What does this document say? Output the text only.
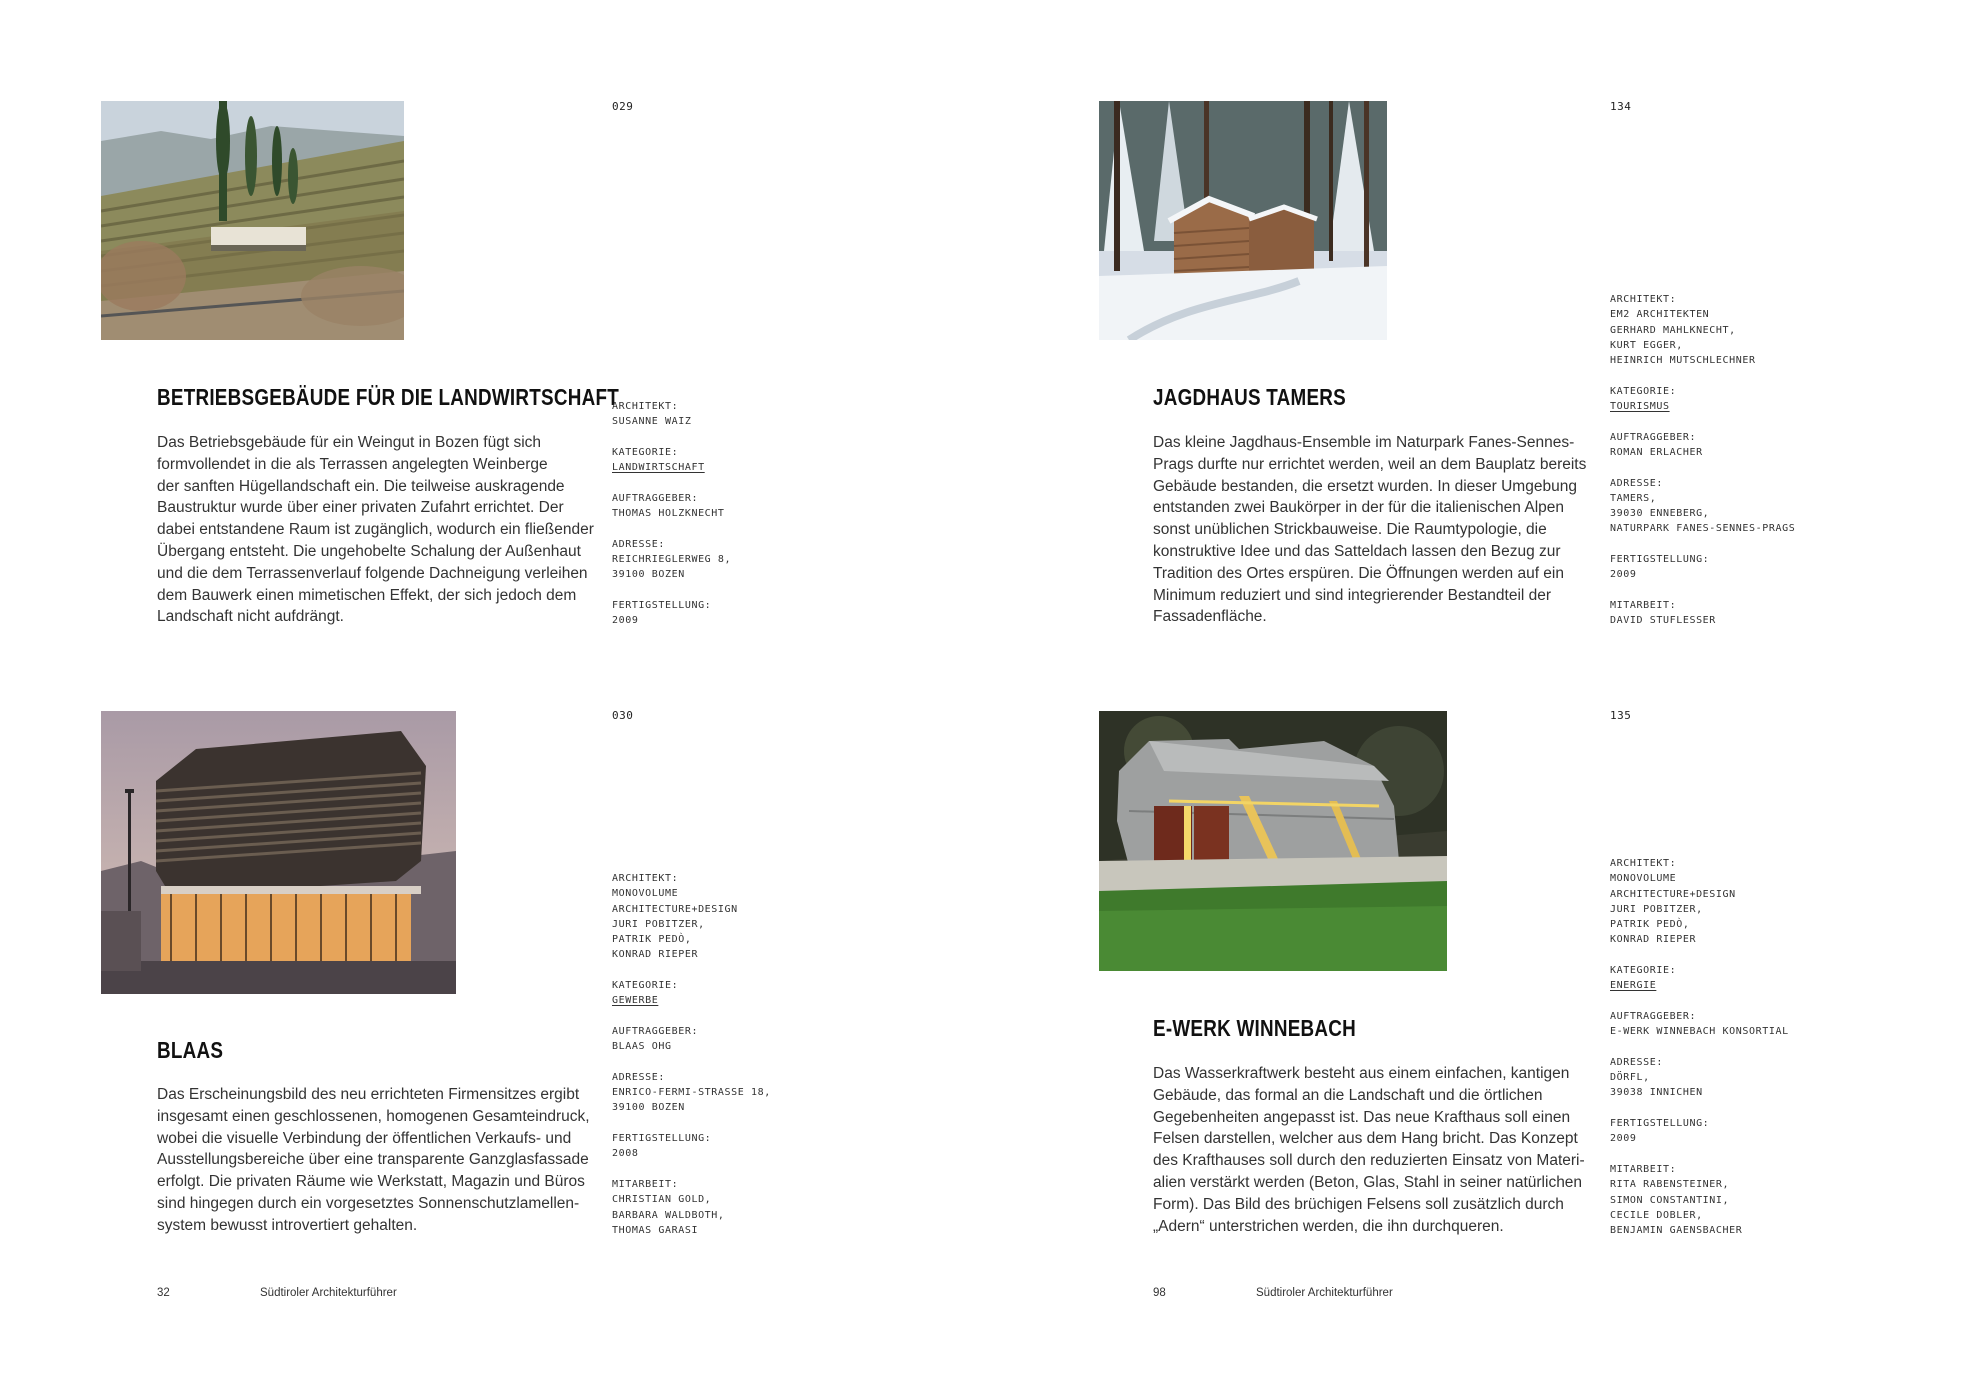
029
BETRIEBSGEBÄUDE FÜR DIE LANDWIRTSCHAFT
Das Betriebsgebäude für ein Weingut in Bozen fügt sich
formvollendet in die als Terrassen angelegten Weinberge
der sanften Hügellandschaft ein. Die teilweise auskragende
Baustruktur wurde über einer privaten Zufahrt errichtet. Der
dabei entstandene Raum ist zugänglich, wodurch ein fließender
Übergang entsteht. Die ungehobelte Schalung der Außenhaut
und die dem Terrassenverlauf folgende Dachneigung verleihen
dem Bauwerk einen mimetischen Effekt, der sich jedoch dem
Landschaft nicht aufdrängt.
ARCHITEKT:
SUSANNE WAIZ
KATEGORIE:
LANDWIRTSCHAFT
AUFTRAGGEBER:
THOMAS HOLZKNECHT
ADRESSE:
REICHRIEGLERWEG 8,
39100 BOZEN
FERTIGSTELLUNG:
2009
030
BLAAS
Das Erscheinungsbild des neu errichteten Firmensitzes ergibt
insgesamt einen geschlossenen, homogenen Gesamteindruck,
wobei die visuelle Verbindung der öffentlichen Verkaufs- und
Ausstellungsbereiche über eine transparente Ganzglasfassade
erfolgt. Die privaten Räume wie Werkstatt, Magazin und Büros
sind hingegen durch ein vorgesetztes Sonnenschutzlamellen-
system bewusst introvertiert gehalten.
ARCHITEKT:
MONOVOLUME
ARCHITECTURE+DESIGN
JURI POBITZER,
PATRIK PEDÒ,
KONRAD RIEPER
KATEGORIE:
GEWERBE
AUFTRAGGEBER:
BLAAS OHG
ADRESSE:
ENRICO-FERMI-STRASSE 18,
39100 BOZEN
FERTIGSTELLUNG:
2008
MITARBEIT:
CHRISTIAN GOLD,
BARBARA WALDBOTH,
THOMAS GARASI
32	Südtiroler Architekturführer
134
ARCHITEKT:
EM2 ARCHITEKTEN
GERHARD MAHLKNECHT,
KURT EGGER,
HEINRICH MUTSCHLECHNER
KATEGORIE:
TOURISMUS
AUFTRAGGEBER:
ROMAN ERLACHER
ADRESSE:
TAMERS,
39030 ENNEBERG,
NATURPARK FANES-SENNES-PRAGS
FERTIGSTELLUNG:
2009
MITARBEIT:
DAVID STUFLESSER
JAGDHAUS TAMERS
Das kleine Jagdhaus-Ensemble im Naturpark Fanes-Sennes-
Prags durfte nur errichtet werden, weil an dem Bauplatz bereits
Gebäude bestanden, die ersetzt wurden. In dieser Umgebung
entstanden zwei Baukörper in der für die italienischen Alpen
sonst unüblichen Strickbauweise. Die Raumtypologie, die
konstruktive Idee und das Satteldach lassen den Bezug zur
Tradition des Ortes erspüren. Die Öffnungen werden auf ein
Minimum reduziert und sind integrierender Bestandteil der
Fassadenfläche.
135
ARCHITEKT:
MONOVOLUME
ARCHITECTURE+DESIGN
JURI POBITZER,
PATRIK PEDÒ,
KONRAD RIEPER
KATEGORIE:
ENERGIE
AUFTRAGGEBER:
E-WERK WINNEBACH KONSORTIAL
ADRESSE:
DÖRFL,
39038 INNICHEN
FERTIGSTELLUNG:
2009
MITARBEIT:
RITA RABENSTEINER,
SIMON CONSTANTINI,
CECILE DOBLER,
BENJAMIN GAENSBACHER
E-WERK WINNEBACH
Das Wasserkraftwerk besteht aus einem einfachen, kantigen
Gebäude, das formal an die Landschaft und die örtlichen
Gegebenheiten angepasst ist. Das neue Krafthaus soll einen
Felsen darstellen, welcher aus dem Hang bricht. Das Konzept
des Krafthauses soll durch den reduzierten Einsatz von Materi-
alien verstärkt werden (Beton, Glas, Stahl in seiner natürlichen
Form). Das Bild des brüchigen Felsens soll zusätzlich durch
„Adern“ unterstrichen werden, die ihn durchqueren.
98	Südtiroler Architekturführer
